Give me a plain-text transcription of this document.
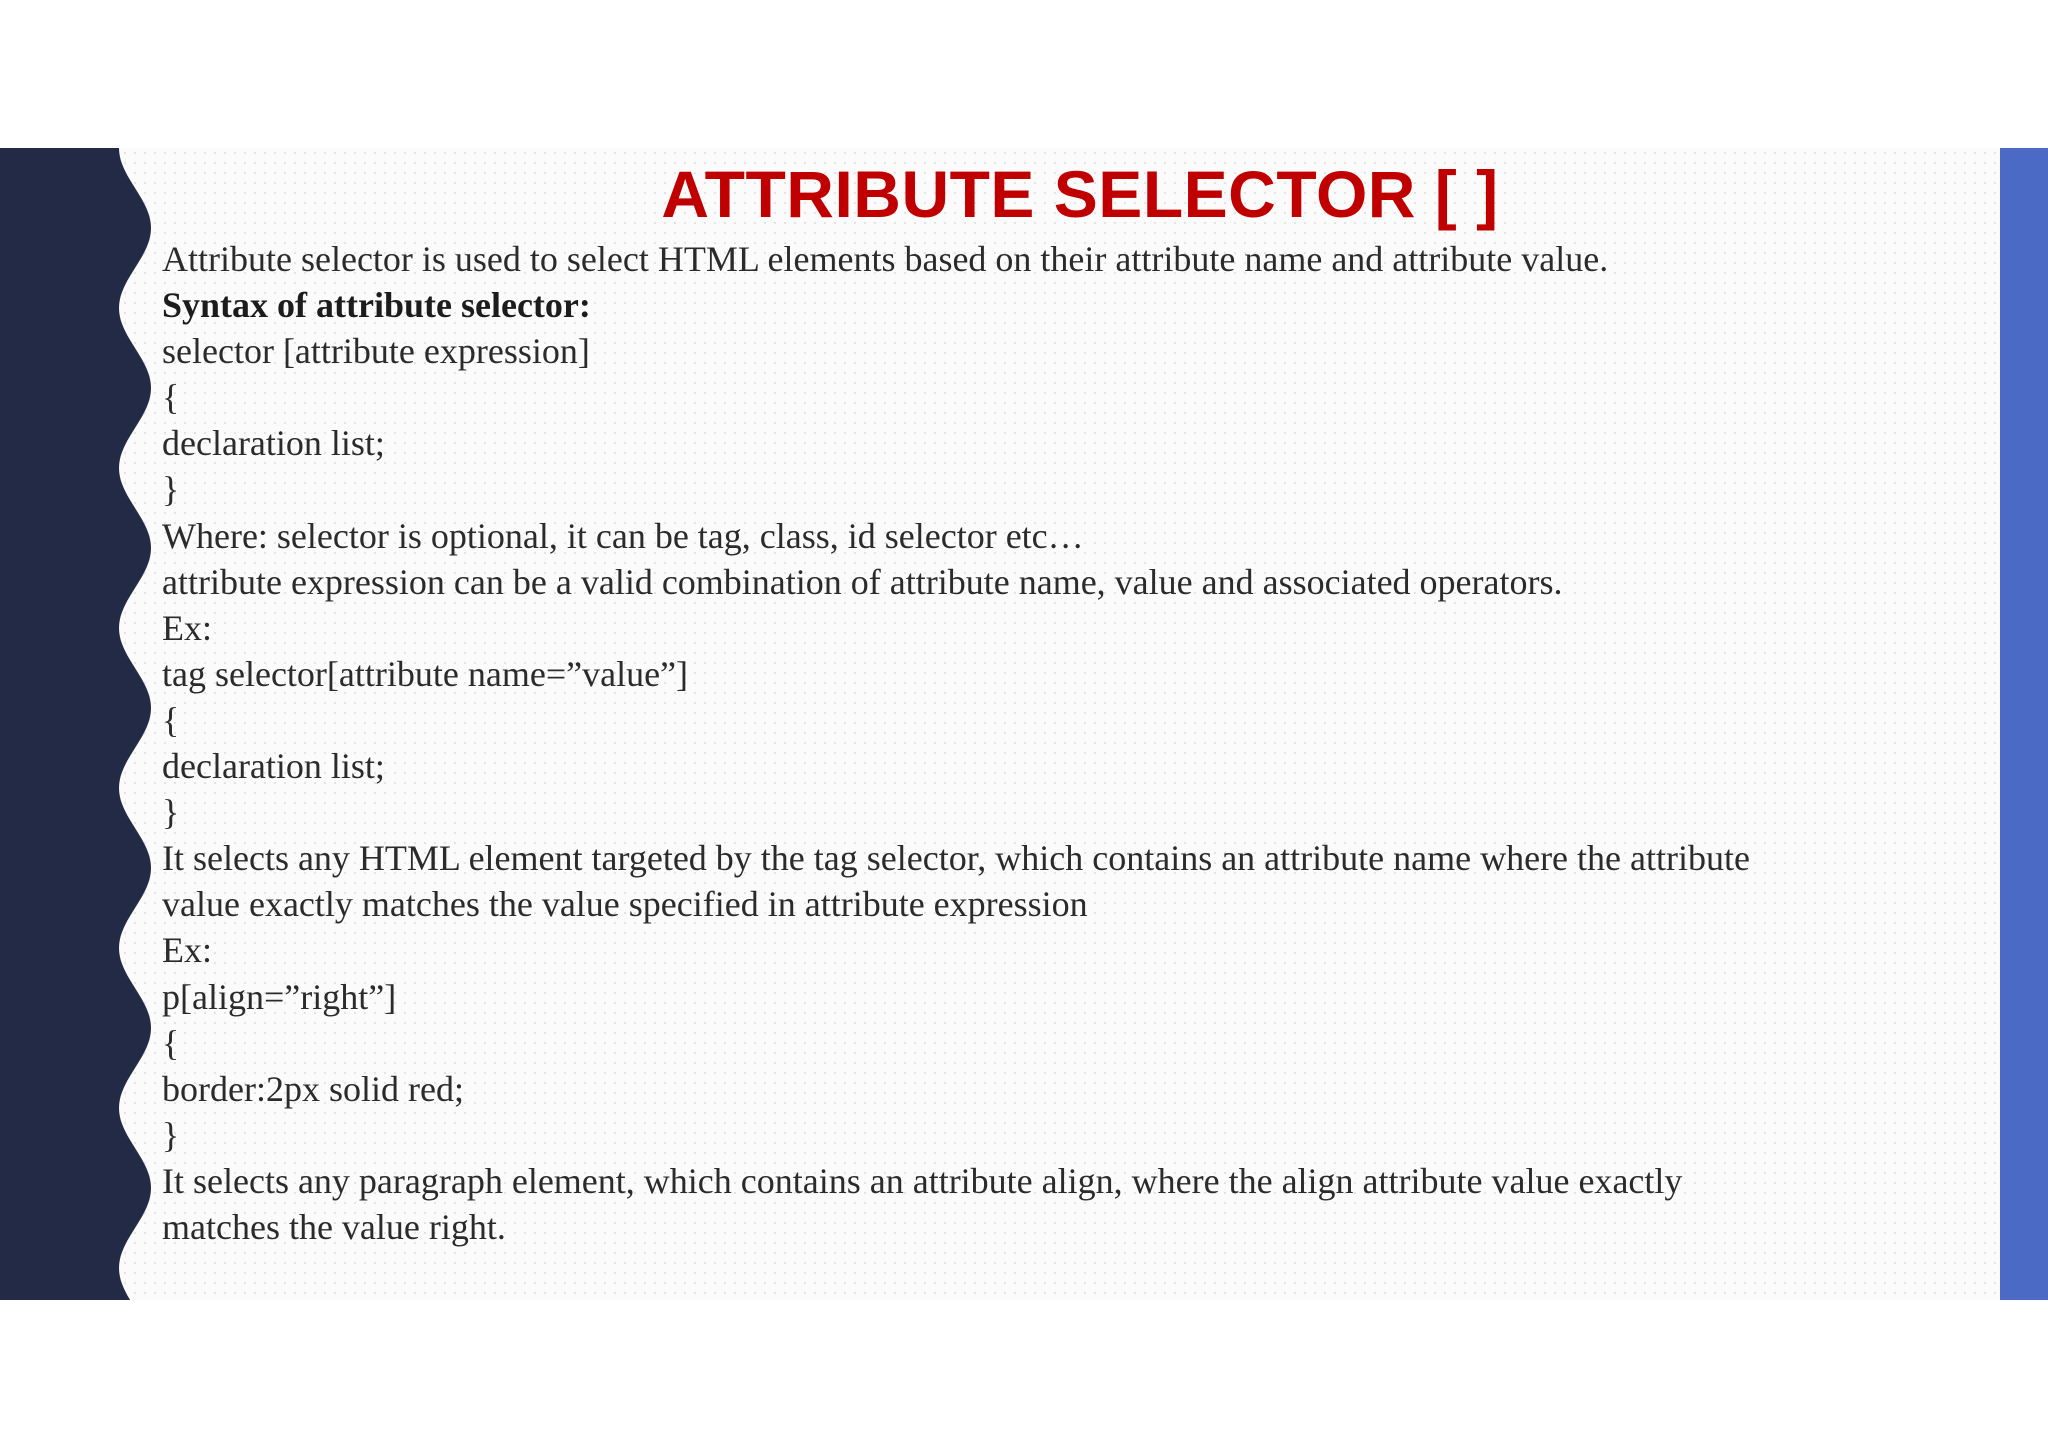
ATTRIBUTE SELECTOR [ ]
Attribute selector is used to select HTML elements based on their attribute name and attribute value.
Syntax of attribute selector:
selector [attribute expression]
{
declaration list;
}
Where: selector is optional, it can be tag, class, id selector etc…
attribute expression can be a valid combination of attribute name, value and associated operators.
Ex:
tag selector[attribute name=”value”]
{
declaration list;
}
It selects any HTML element targeted by the tag selector, which contains an attribute name where the attribute
value exactly matches the value specified in attribute expression
Ex:
p[align=”right”]
{
border:2px solid red;
}
It selects any paragraph element, which contains an attribute align, where the align attribute value exactly
matches the value right.
